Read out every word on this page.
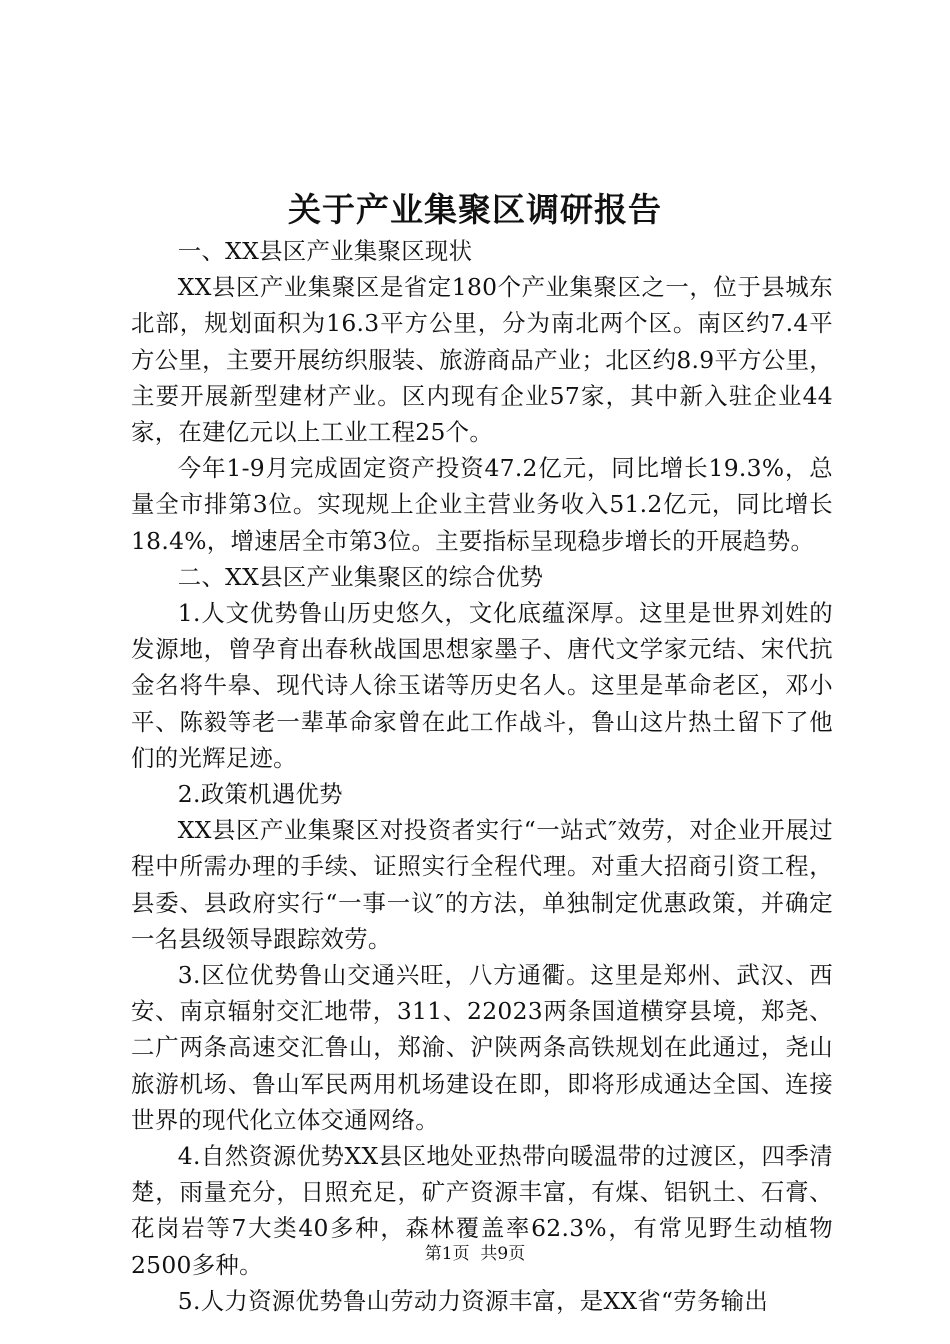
关于产业集聚区调研报告

一、XX县区产业集聚区现状

XX县区产业集聚区是省定180个产业集聚区之一，位于县城东北部，规划面积为16.3平方公里，分为南北两个区。南区约7.4平方公里，主要开展纺织服装、旅游商品产业；北区约8.9平方公里，主要开展新型建材产业。区内现有企业57家，其中新入驻企业44家，在建亿元以上工业工程25个。

今年1-9月完成固定资产投资47.2亿元，同比增长19.3%，总量全市排第3位。实现规上企业主营业务收入51.2亿元，同比增长18.4%，增速居全市第3位。主要指标呈现稳步增长的开展趋势。

二、XX县区产业集聚区的综合优势

1.人文优势鲁山历史悠久，文化底蕴深厚。这里是世界刘姓的发源地，曾孕育出春秋战国思想家墨子、唐代文学家元结、宋代抗金名将牛皋、现代诗人徐玉诺等历史名人。这里是革命老区，邓小平、陈毅等老一辈革命家曾在此工作战斗，鲁山这片热土留下了他们的光辉足迹。

2.政策机遇优势

XX县区产业集聚区对投资者实行“一站式″效劳，对企业开展过程中所需办理的手续、证照实行全程代理。对重大招商引资工程，县委、县政府实行“一事一议″的方法，单独制定优惠政策，并确定一名县级领导跟踪效劳。

3.区位优势鲁山交通兴旺，八方通衢。这里是郑州、武汉、西安、南京辐射交汇地带，311、22023两条国道横穿县境，郑尧、二广两条高速交汇鲁山，郑渝、沪陕两条高铁规划在此通过，尧山旅游机场、鲁山军民两用机场建设在即，即将形成通达全国、连接世界的现代化立体交通网络。

4.自然资源优势XX县区地处亚热带向暖温带的过渡区，四季清楚，雨量充分，日照充足，矿产资源丰富，有煤、铝钒土、石膏、花岗岩等7大类40多种，森林覆盖率62.3%，有常见野生动植物2500多种。

5.人力资源优势鲁山劳动力资源丰富，是XX省“劳务输出

第1页 共9页
